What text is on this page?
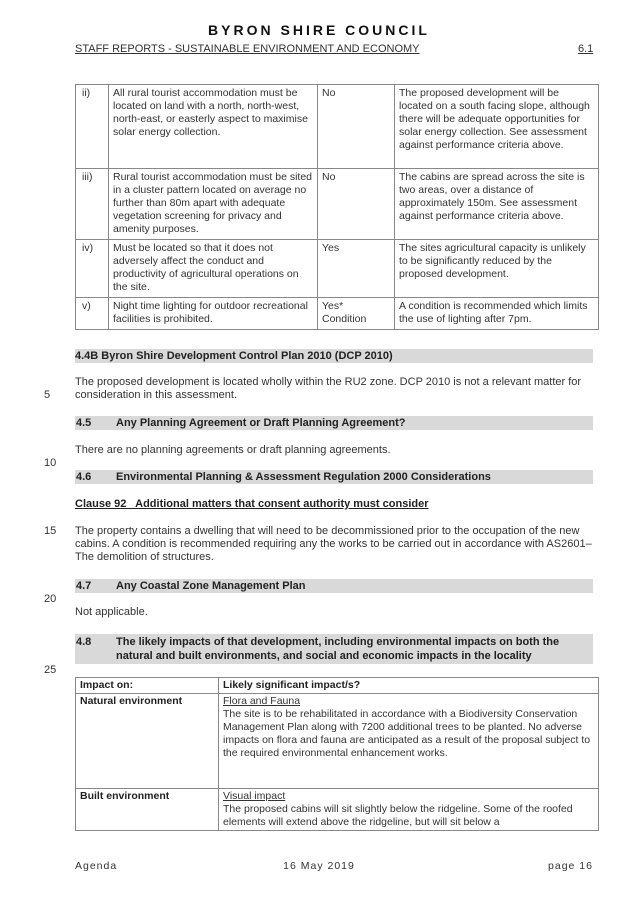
BYRON SHIRE COUNCIL
STAFF REPORTS - SUSTAINABLE ENVIRONMENT AND ECONOMY	6.1
ii)	All rural tourist accommodation must be located on land with a north, north-west, north-east, or easterly aspect to maximise solar energy collection.	No	The proposed development will be located on a south facing slope, although there will be adequate opportunities for solar energy collection. See assessment against performance criteria above.
iii)	Rural tourist accommodation must be sited in a cluster pattern located on average no further than 80m apart with adequate vegetation screening for privacy and amenity purposes.	No	The cabins are spread across the site is two areas, over a distance of approximately 150m. See assessment against performance criteria above.
iv)	Must be located so that it does not adversely affect the conduct and productivity of agricultural operations on the site.	Yes	The sites agricultural capacity is unlikely to be significantly reduced by the proposed development.
v)	Night time lighting for outdoor recreational facilities is prohibited.	Yes* Condition	A condition is recommended which limits the use of lighting after 7pm.
4.4B Byron Shire Development Control Plan 2010 (DCP 2010)
The proposed development is located wholly within the RU2 zone. DCP 2010 is not a relevant matter for consideration in this assessment.
5
4.5 Any Planning Agreement or Draft Planning Agreement?
There are no planning agreements or draft planning agreements.
10
4.6 Environmental Planning & Assessment Regulation 2000 Considerations
Clause 92   Additional matters that consent authority must consider
The property contains a dwelling that will need to be decommissioned prior to the occupation of the new cabins. A condition is recommended requiring any the works to be carried out in accordance with AS2601–The demolition of structures.
15
4.7 Any Coastal Zone Management Plan
20
Not applicable.
4.8 The likely impacts of that development, including environmental impacts on both the
natural and built environments, and social and economic impacts in the locality
25
Impact on:	Likely significant impact/s?
Natural environment	Flora and Fauna
The site is to be rehabilitated in accordance with a Biodiversity Conservation Management Plan along with 7200 additional trees to be planted. No adverse impacts on flora and fauna are anticipated as a result of the proposal subject to the required environmental enhancement works.

Built environment	Visual impact
The proposed cabins will sit slightly below the ridgeline. Some of the roofed elements will extend above the ridgeline, but will sit below a
Agenda	16 May 2019	page 16
